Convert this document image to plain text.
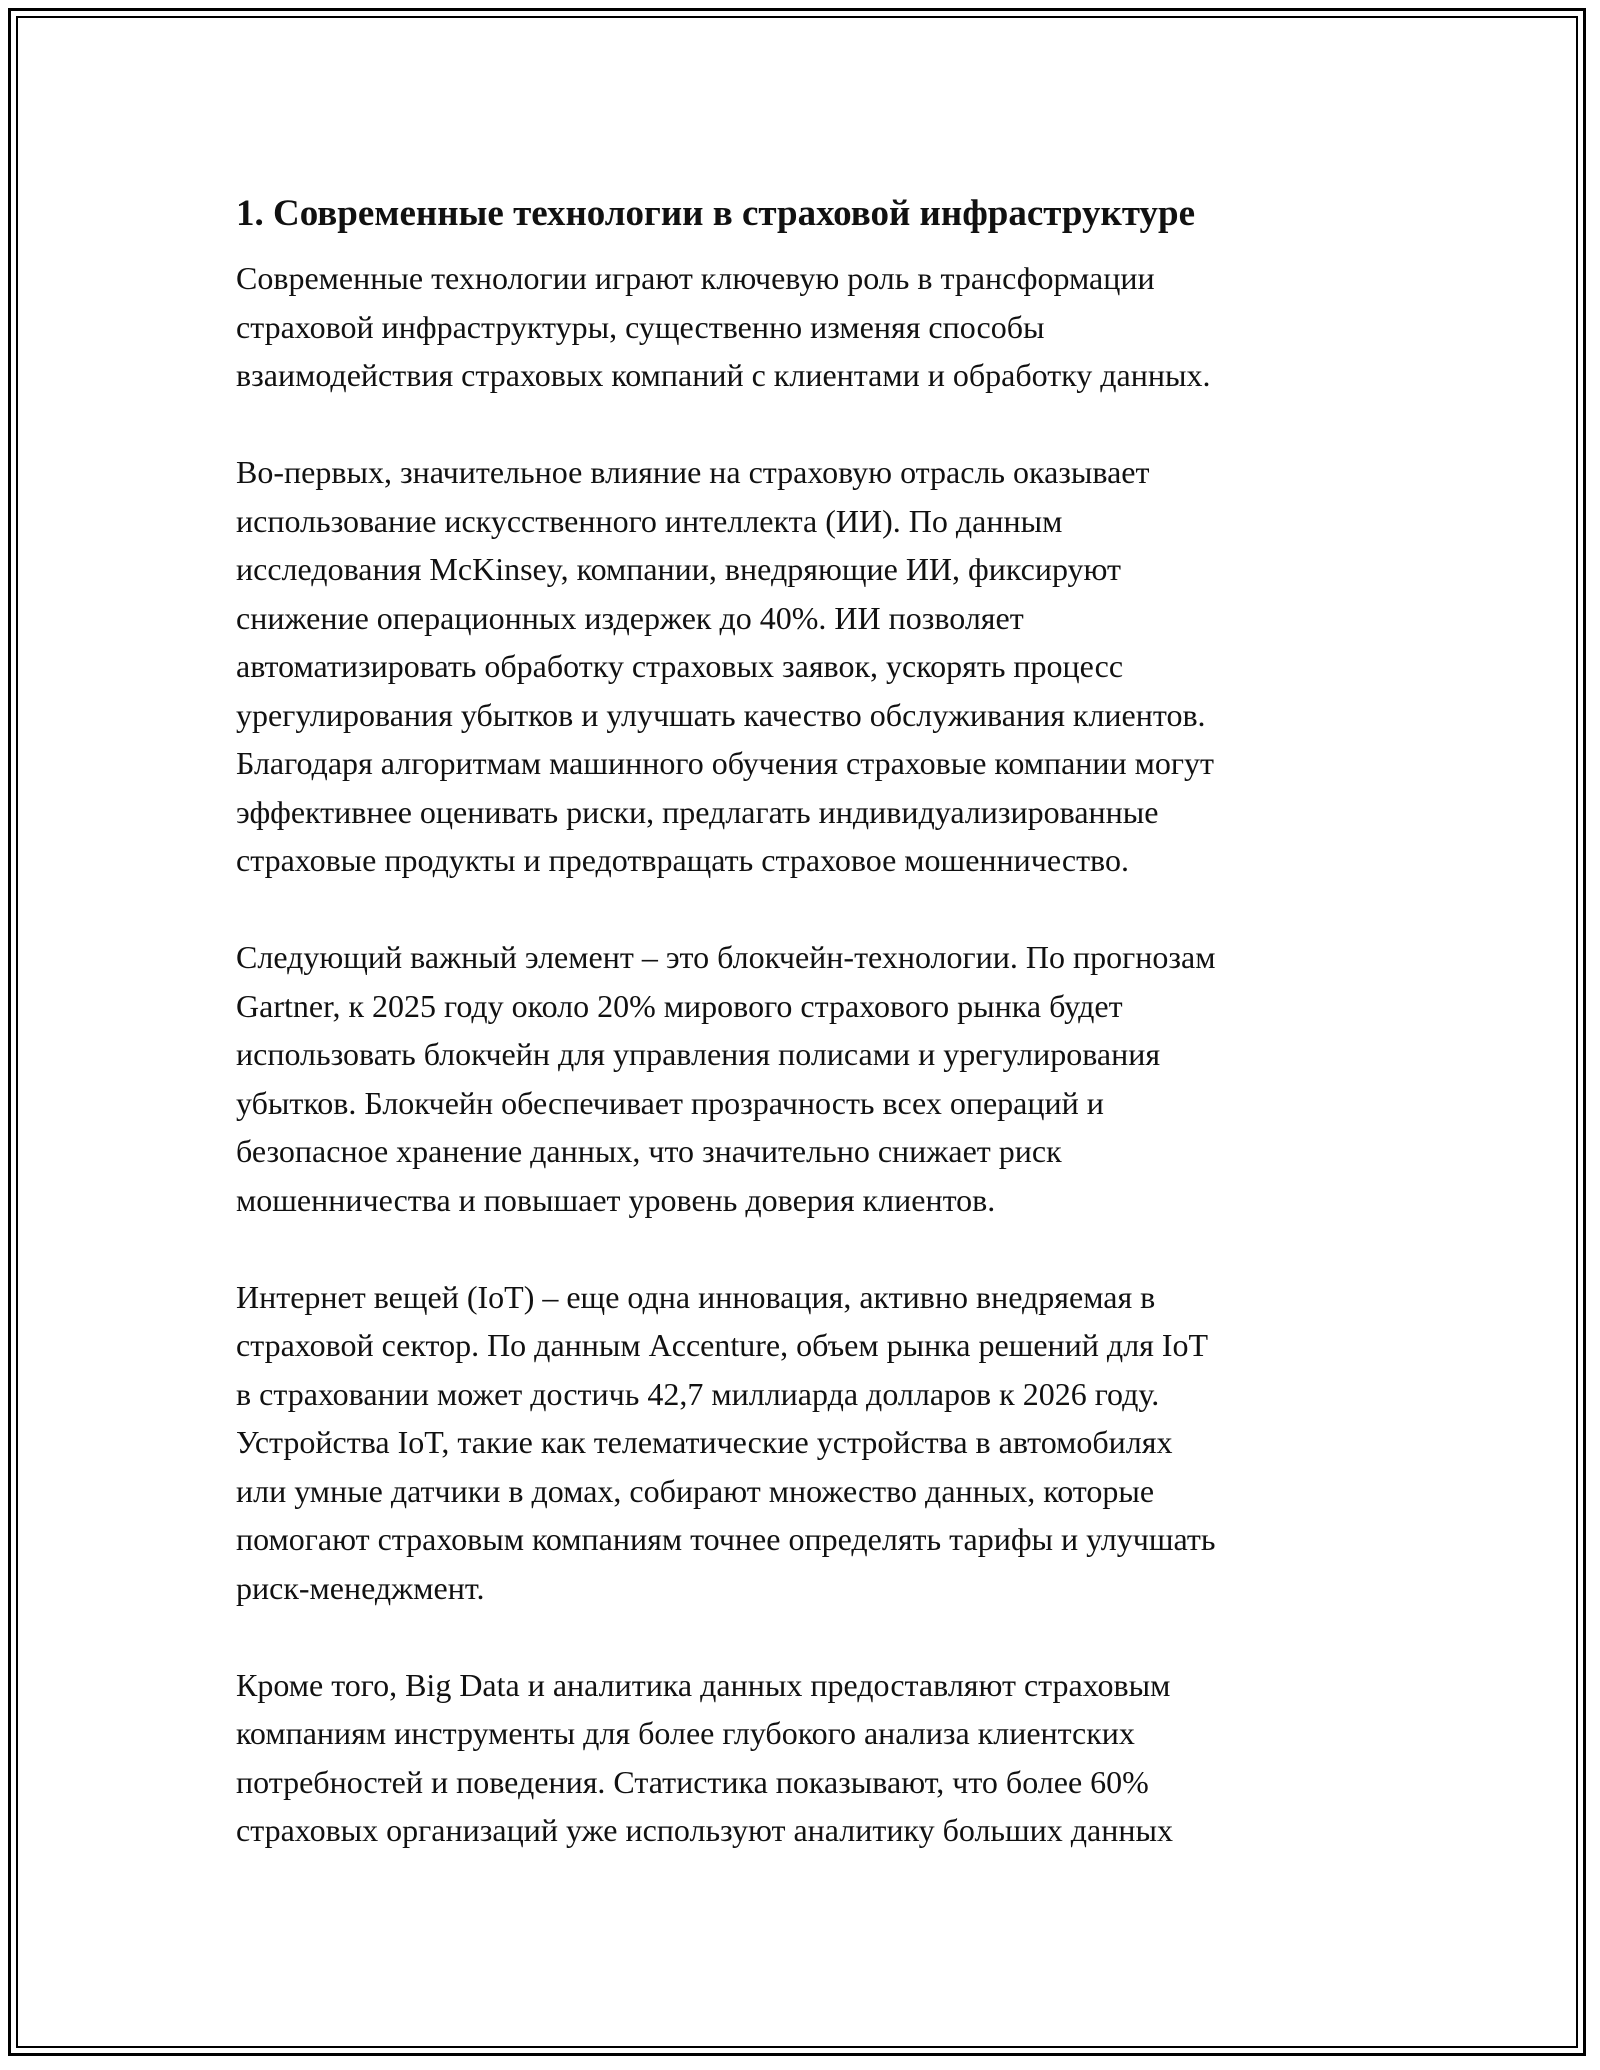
1. Современные технологии в страховой инфраструктуре

Современные технологии играют ключевую роль в трансформации
страховой инфраструктуры, существенно изменяя способы
взаимодействия страховых компаний с клиентами и обработку данных.

Во-первых, значительное влияние на страховую отрасль оказывает
использование искусственного интеллекта (ИИ). По данным
исследования McKinsey, компании, внедряющие ИИ, фиксируют
снижение операционных издержек до 40%. ИИ позволяет
автоматизировать обработку страховых заявок, ускорять процесс
урегулирования убытков и улучшать качество обслуживания клиентов.
Благодаря алгоритмам машинного обучения страховые компании могут
эффективнее оценивать риски, предлагать индивидуализированные
страховые продукты и предотвращать страховое мошенничество.

Следующий важный элемент – это блокчейн-технологии. По прогнозам
Gartner, к 2025 году около 20% мирового страхового рынка будет
использовать блокчейн для управления полисами и урегулирования
убытков. Блокчейн обеспечивает прозрачность всех операций и
безопасное хранение данных, что значительно снижает риск
мошенничества и повышает уровень доверия клиентов.

Интернет вещей (IoT) – еще одна инновация, активно внедряемая в
страховой сектор. По данным Accenture, объем рынка решений для IoT
в страховании может достичь 42,7 миллиарда долларов к 2026 году.
Устройства IoT, такие как телематические устройства в автомобилях
или умные датчики в домах, собирают множество данных, которые
помогают страховым компаниям точнее определять тарифы и улучшать
риск-менеджмент.

Кроме того, Big Data и аналитика данных предоставляют страховым
компаниям инструменты для более глубокого анализа клиентских
потребностей и поведения. Статистика показывают, что более 60%
страховых организаций уже используют аналитику больших данных
